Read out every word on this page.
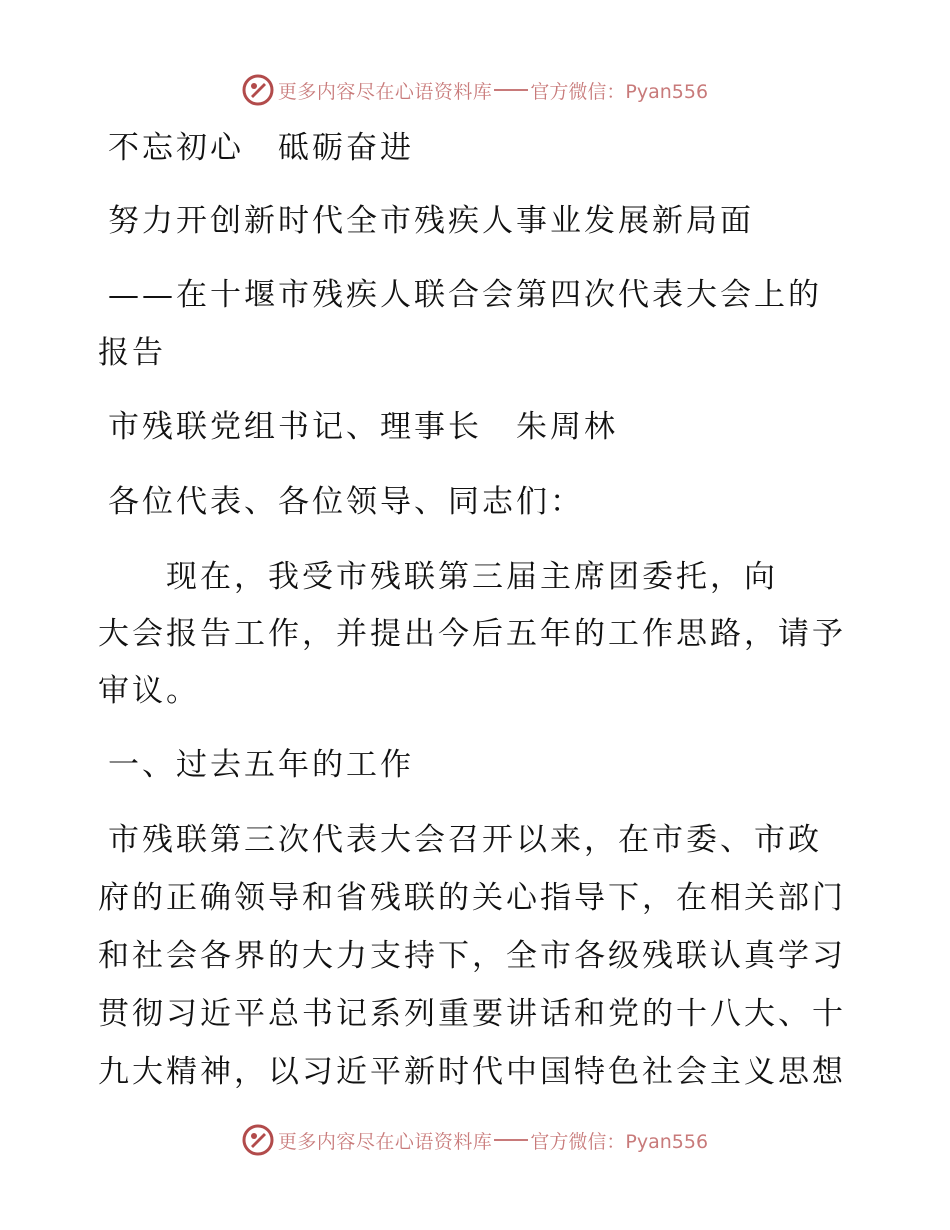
更多内容尽在心语资料库 官方微信：Pyan556
不忘初心　砥砺奋进
努力开创新时代全市残疾人事业发展新局面
——在十堰市残疾人联合会第四次代表大会上的
报告
市残联党组书记、理事长　朱周林
各位代表、各位领导、同志们：
　　现在，我受市残联第三届主席团委托，向
大会报告工作，并提出今后五年的工作思路，请予
审议。
一、过去五年的工作
市残联第三次代表大会召开以来，在市委、市政
府的正确领导和省残联的关心指导下，在相关部门
和社会各界的大力支持下，全市各级残联认真学习
贯彻习近平总书记系列重要讲话和党的十八大、十
九大精神，以习近平新时代中国特色社会主义思想
更多内容尽在心语资料库 官方微信：Pyan556
